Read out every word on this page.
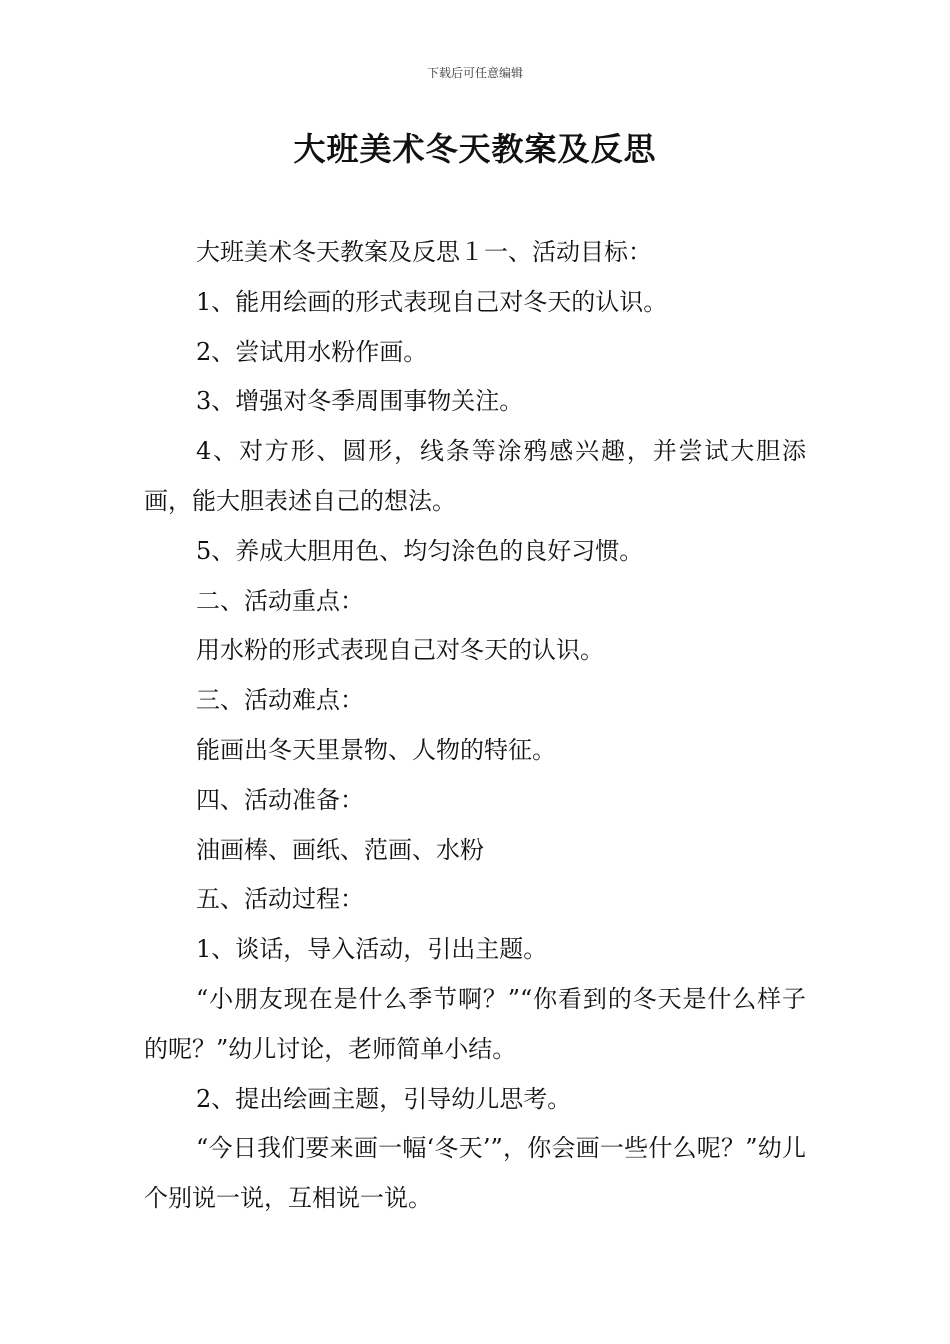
下载后可任意编辑
大班美术冬天教案及反思

大班美术冬天教案及反思１一、活动目标：

1、能用绘画的形式表现自己对冬天的认识。

2、尝试用水粉作画。

3、增强对冬季周围事物关注。

4、对方形、圆形，线条等涂鸦感兴趣，并尝试大胆添画，能大胆表述自己的想法。

5、养成大胆用色、均匀涂色的良好习惯。

二、活动重点：

用水粉的形式表现自己对冬天的认识。

三、活动难点：

能画出冬天里景物、人物的特征。

四、活动准备：

油画棒、画纸、范画、水粉

五、活动过程：

1、谈话，导入活动，引出主题。

“小朋友现在是什么季节啊？”“你看到的冬天是什么样子的呢？”幼儿讨论，老师简单小结。

2、提出绘画主题，引导幼儿思考。

“今日我们要来画一幅‘冬天’”，你会画一些什么呢？”幼儿个别说一说，互相说一说。
